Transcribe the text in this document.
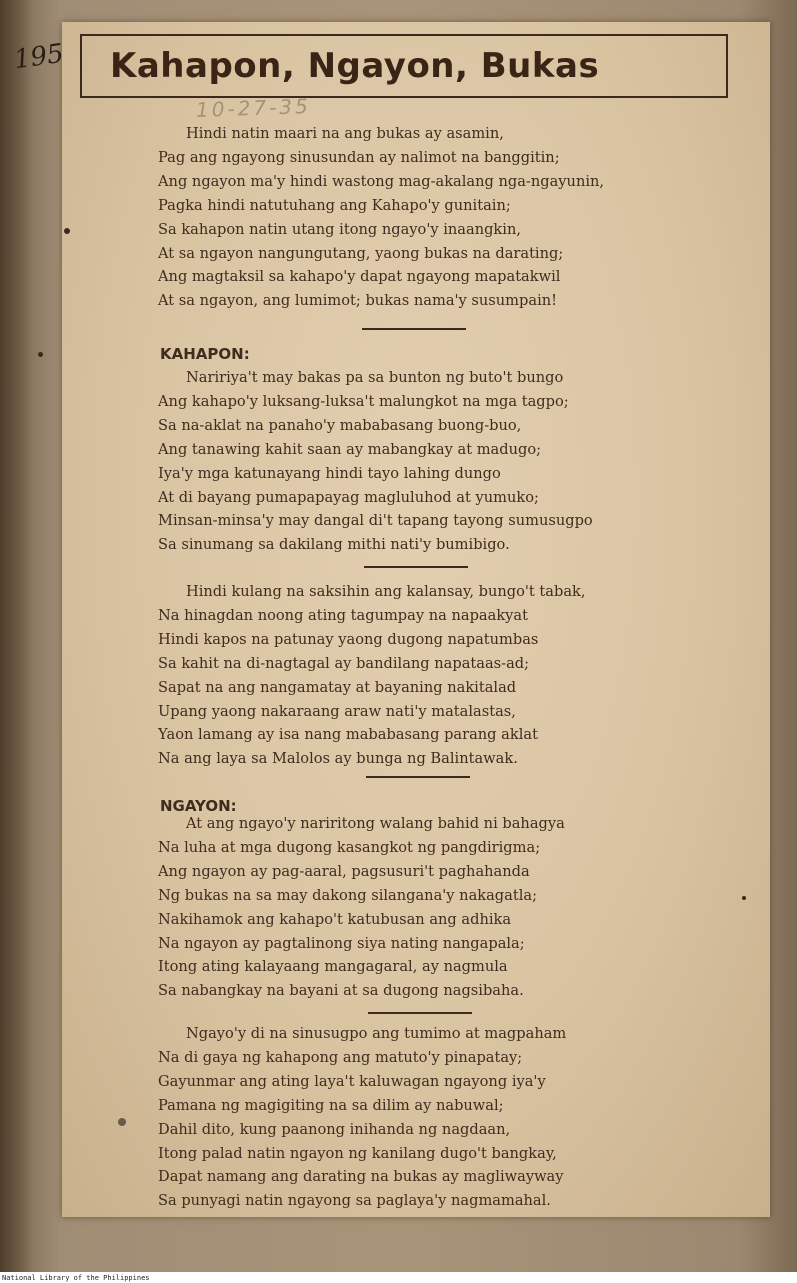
195 Kahapon, Ngayon, Bukas
10-27-35
Hindi natin maari na ang bukas ay asamin,
Pag ang ngayong sinusundan ay nalimot na banggitin;
Ang ngayon ma'y hindi wastong mag-akalang nga-ngayunin,
Pagka hindi natutuhang ang Kahapo'y gunitain;
Sa kahapon natin utang itong ngayo'y inaangkin,
At sa ngayon nangungutang, yaong bukas na darating;
Ang magtaksil sa kahapo'y dapat ngayong mapatakwil
At sa ngayon, ang lumimot; bukas nama'y susumpain!
KAHAPON:
Naririya't may bakas pa sa bunton ng buto't bungo
Ang kahapo'y luksang-luksa't malungkot na mga tagpo;
Sa na-aklat na panaho'y mababasang buong-buo,
Ang tanawing kahit saan ay mabangkay at madugo;
Iya'y mga katunayang hindi tayo lahing dungo
At di bayang pumapapayag magluluhod at yumuko;
Minsan-minsa'y may dangal di't tapang tayong sumusugpo
Sa sinumang sa dakilang mithi nati'y bumibigo.
Hindi kulang na saksihin ang kalansay, bungo't tabak,
Na hinagdan noong ating tagumpay na napaakyat
Hindi kapos na patunay yaong dugong napatumbas
Sa kahit na di-nagtagal ay bandilang napataas-ad;
Sapat na ang nangamatay at bayaning nakitalad
Upang yaong nakaraang araw nati'y matalastas,
Yaon lamang ay isa nang mababasang parang aklat
Na ang laya sa Malolos ay bunga ng Balintawak.
NGAYON:
At ang ngayo'y nariritong walang bahid ni bahagya
Na luha at mga dugong kasangkot ng pangdirigma;
Ang ngayon ay pag-aaral, pagsusuri't paghahanda
Ng bukas na sa may dakong silangana'y nakagatla;
Nakihamok ang kahapo't katubusan ang adhika
Na ngayon ay pagtalinong siya nating nangapala;
Itong ating kalayaang mangagaral, ay nagmula
Sa nabangkay na bayani at sa dugong nagsibaha.
Ngayo'y di na sinusugpo ang tumimo at magpaham
Na di gaya ng kahapong ang matuto'y pinapatay;
Gayunmar ang ating laya't kaluwagan ngayong iya'y
Pamana ng magigiting na sa dilim ay nabuwal;
Dahil dito, kung paanong inihanda ng nagdaan,
Itong palad natin ngayon ng kanilang dugo't bangkay,
Dapat namang ang darating na bukas ay magliwayway
Sa punyagi natin ngayong sa paglaya'y nagmamahal.
National Library of the Philippines
